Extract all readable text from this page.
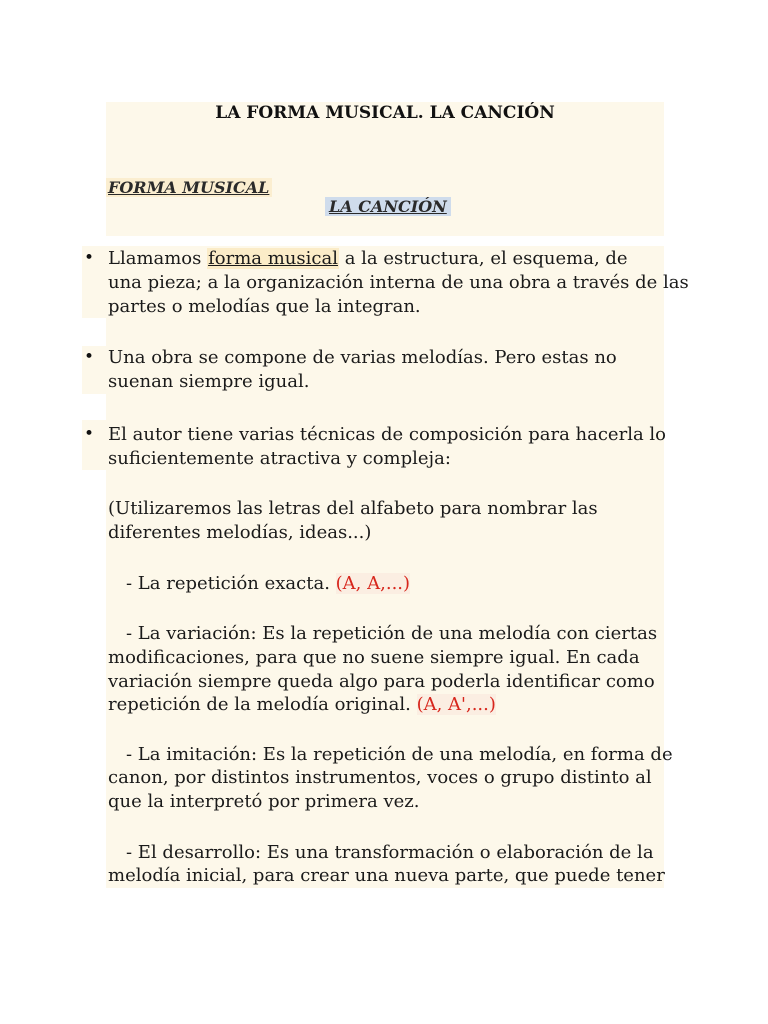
LA FORMA MUSICAL. LA CANCIÓN
FORMA MUSICAL
LA CANCIÓN
• Llamamos forma musical a la estructura, el esquema, de
una pieza; a la organización interna de una obra a través de las
partes o melodías que la integran.
• Una obra se compone de varias melodías. Pero estas no
suenan siempre igual.
• El autor tiene varias técnicas de composición para hacerla lo
suficientemente atractiva y compleja:
(Utilizaremos las letras del alfabeto para nombrar las
diferentes melodías, ideas...)
- La repetición exacta. (A, A,...)
- La variación: Es la repetición de una melodía con ciertas
modificaciones, para que no suene siempre igual. En cada
variación siempre queda algo para poderla identificar como
repetición de la melodía original. (A, A',...)
- La imitación: Es la repetición de una melodía, en forma de
canon, por distintos instrumentos, voces o grupo distinto al
que la interpretó por primera vez.
- El desarrollo: Es una transformación o elaboración de la
melodía inicial, para crear una nueva parte, que puede tener
